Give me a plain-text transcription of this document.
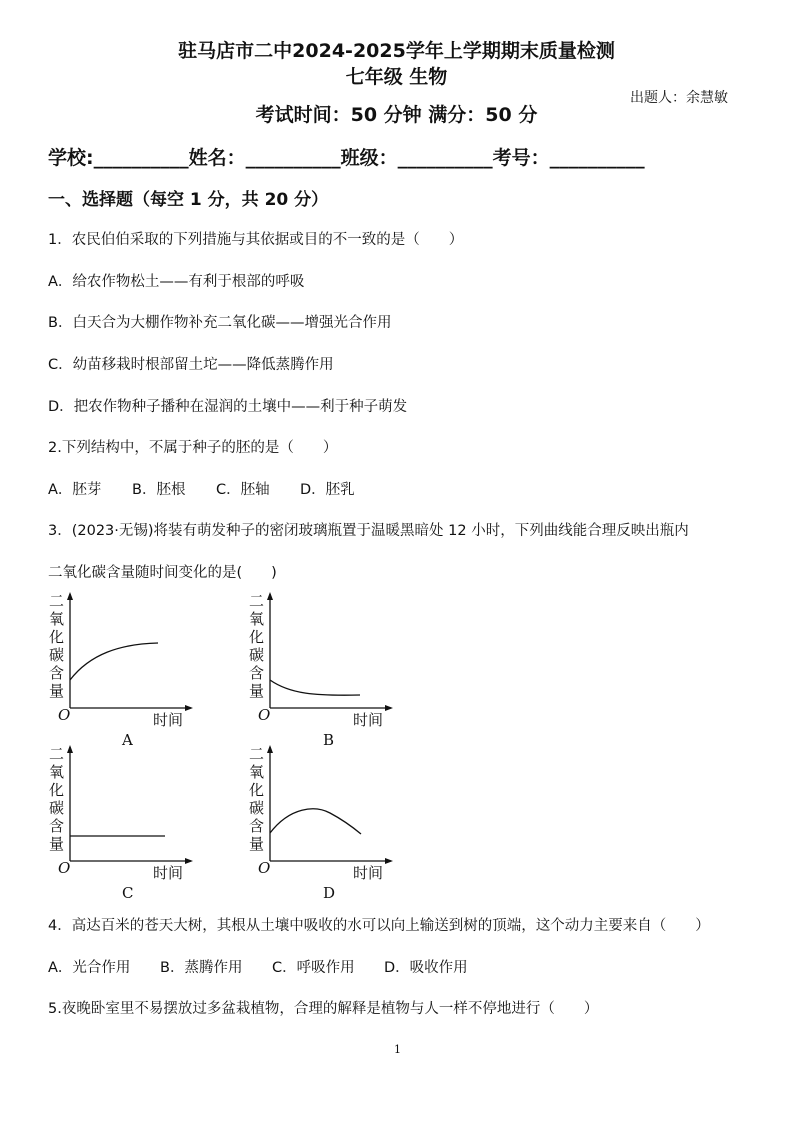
驻马店市二中2024-2025学年上学期期末质量检测
七年级 生物
出题人：余慧敏
考试时间：50 分钟 满分：50 分
学校:__________姓名：__________班级：__________考号：__________
一、选择题（每空 1 分，共 20 分）
1．农民伯伯采取的下列措施与其依据或目的不一致的是（　　）
A．给农作物松土——有利于根部的呼吸
B．白天合为大棚作物补充二氧化碳——增强光合作用
C．幼苗移栽时根部留土坨——降低蒸腾作用
D．把农作物种子播种在湿润的土壤中——利于种子萌发
2.下列结构中，不属于种子的胚的是（　　）
A．胚芽 B．胚根 C．胚轴 D．胚乳
3．(2023·无锡)将装有萌发种子的密闭玻璃瓶置于温暖黑暗处 12 小时，下列曲线能合理反映出瓶内
二氧化碳含量随时间变化的是(　　)
二
氧
化
碳
含
量
O	时间
A
二
氧
化
碳
含
量
O	时间
B
二
氧
化
碳
含
量
O	时间
C
二
氧
化
碳
含
量
O	时间
D
4．高达百米的苍天大树，其根从土壤中吸收的水可以向上输送到树的顶端，这个动力主要来自（　　）
A．光合作用 B．蒸腾作用 C．呼吸作用 D．吸收作用
5.夜晚卧室里不易摆放过多盆栽植物，合理的解释是植物与人一样不停地进行（　　）
1
